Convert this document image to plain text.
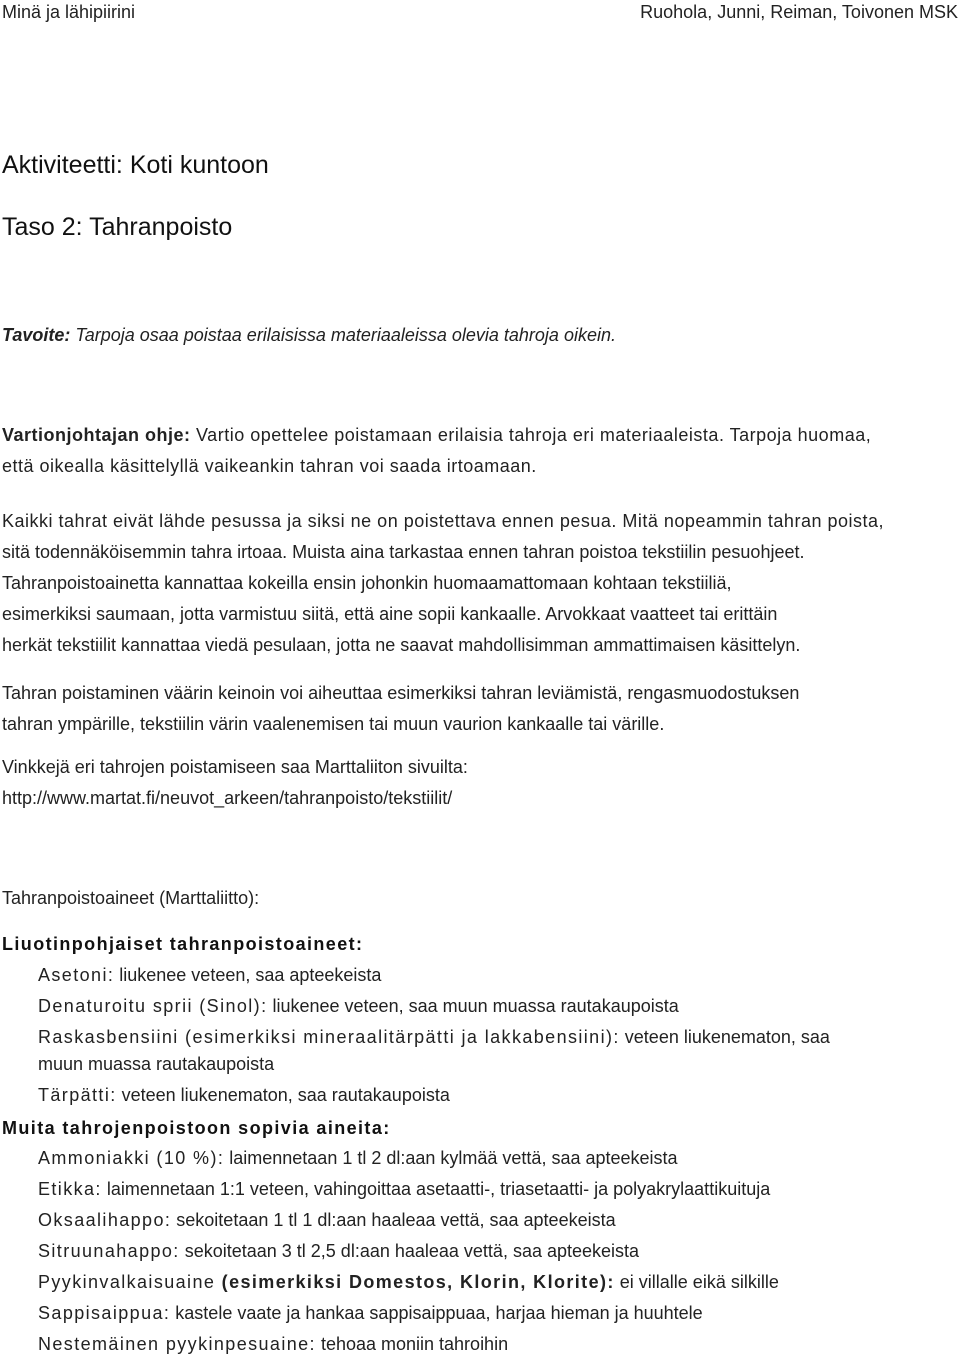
Minä ja lähipiirini	Ruohola, Junni, Reiman, Toivonen MSK
Aktiviteetti: Koti kuntoon
Taso 2: Tahranpoisto
Tavoite: Tarpoja osaa poistaa erilaisissa materiaaleissa olevia tahroja oikein.
Vartionjohtajan ohje: Vartio opettelee poistamaan erilaisia tahroja eri materiaaleista. Tarpoja huomaa,
että oikealla käsittelyllä vaikeankin tahran voi saada irtoamaan.
Kaikki tahrat eivät lähde pesussa ja siksi ne on poistettava ennen pesua. Mitä nopeammin tahran poista,
sitä todennäköisemmin tahra irtoaa. Muista aina tarkastaa ennen tahran poistoa tekstiilin pesuohjeet.
Tahranpoistoainetta kannattaa kokeilla ensin johonkin huomaamattomaan kohtaan tekstiiliä,
esimerkiksi saumaan, jotta varmistuu siitä, että aine sopii kankaalle. Arvokkaat vaatteet tai erittäin
herkät tekstiilit kannattaa viedä pesulaan, jotta ne saavat mahdollisimman ammattimaisen käsittelyn.
Tahran poistaminen väärin keinoin voi aiheuttaa esimerkiksi tahran leviämistä, rengasmuodostuksen
tahran ympärille, tekstiilin värin vaalenemisen tai muun vaurion kankaalle tai värille.
Vinkkejä eri tahrojen poistamiseen saa Marttaliiton sivuilta:
http://www.martat.fi/neuvot_arkeen/tahranpoisto/tekstiilit/
Tahranpoistoaineet (Marttaliitto):
Liuotinpohjaiset tahranpoistoaineet:
Asetoni: liukenee veteen, saa apteekeista
Denaturoitu sprii (Sinol): liukenee veteen, saa muun muassa rautakaupoista
Raskasbensiini (esimerkiksi mineraalitärpätti ja lakkabensiini): veteen liukenematon, saa
muun muassa rautakaupoista
Tärpätti: veteen liukenematon, saa rautakaupoista
Muita tahrojenpoistoon sopivia aineita:
Ammoniakki (10 %): laimennetaan 1 tl 2 dl:aan kylmää vettä, saa apteekeista
Etikka: laimennetaan 1:1 veteen, vahingoittaa asetaatti-, triasetaatti- ja polyakrylaattikuituja
Oksaalihappo: sekoitetaan 1 tl 1 dl:aan haaleaa vettä, saa apteekeista
Sitruunahappo: sekoitetaan 3 tl 2,5 dl:aan haaleaa vettä, saa apteekeista
Pyykinvalkaisuaine (esimerkiksi Domestos, Klorin, Klorite): ei villalle eikä silkille
Sappisaippua: kastele vaate ja hankaa sappisaippuaa, harjaa hieman ja huuhtele
Nestemäinen pyykinpesuaine: tehoaa moniin tahroihin
